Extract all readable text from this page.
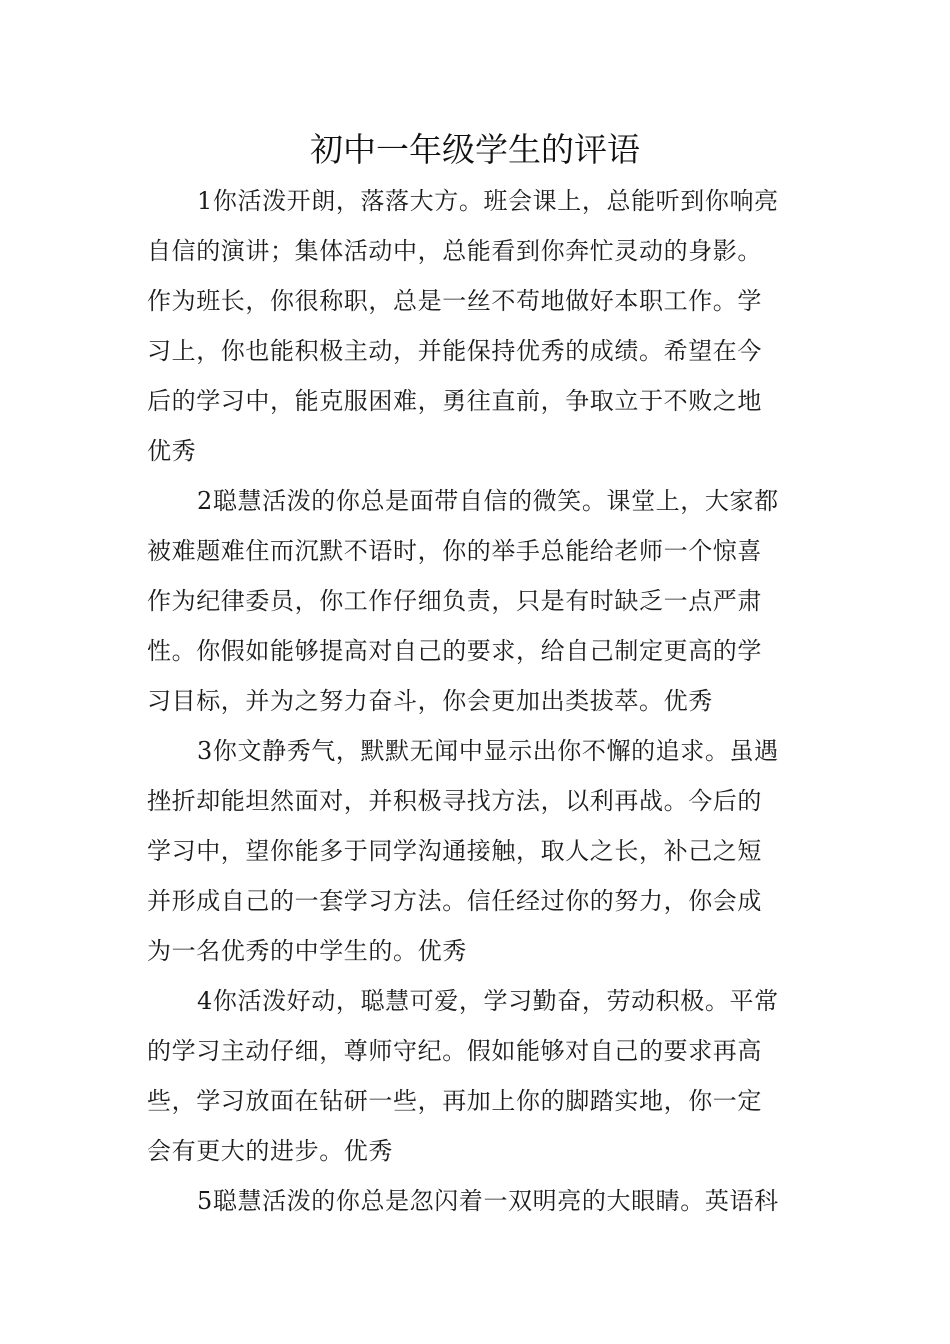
初中一年级学生的评语
1你活泼开朗，落落大方。班会课上，总能听到你响亮
自信的演讲；集体活动中，总能看到你奔忙灵动的身影。
作为班长，你很称职，总是一丝不苟地做好本职工作。学
习上，你也能积极主动，并能保持优秀的成绩。希望在今
后的学习中，能克服困难，勇往直前，争取立于不败之地
优秀
2聪慧活泼的你总是面带自信的微笑。课堂上，大家都
被难题难住而沉默不语时，你的举手总能给老师一个惊喜
作为纪律委员，你工作仔细负责，只是有时缺乏一点严肃
性。你假如能够提高对自己的要求，给自己制定更高的学
习目标，并为之努力奋斗，你会更加出类拔萃。优秀
3你文静秀气，默默无闻中显示出你不懈的追求。虽遇
挫折却能坦然面对，并积极寻找方法，以利再战。今后的
学习中，望你能多于同学沟通接触，取人之长，补己之短
并形成自己的一套学习方法。信任经过你的努力，你会成
为一名优秀的中学生的。优秀
4你活泼好动，聪慧可爱，学习勤奋，劳动积极。平常
的学习主动仔细，尊师守纪。假如能够对自己的要求再高
些，学习放面在钻研一些，再加上你的脚踏实地，你一定
会有更大的进步。优秀
5聪慧活泼的你总是忽闪着一双明亮的大眼睛。英语科
